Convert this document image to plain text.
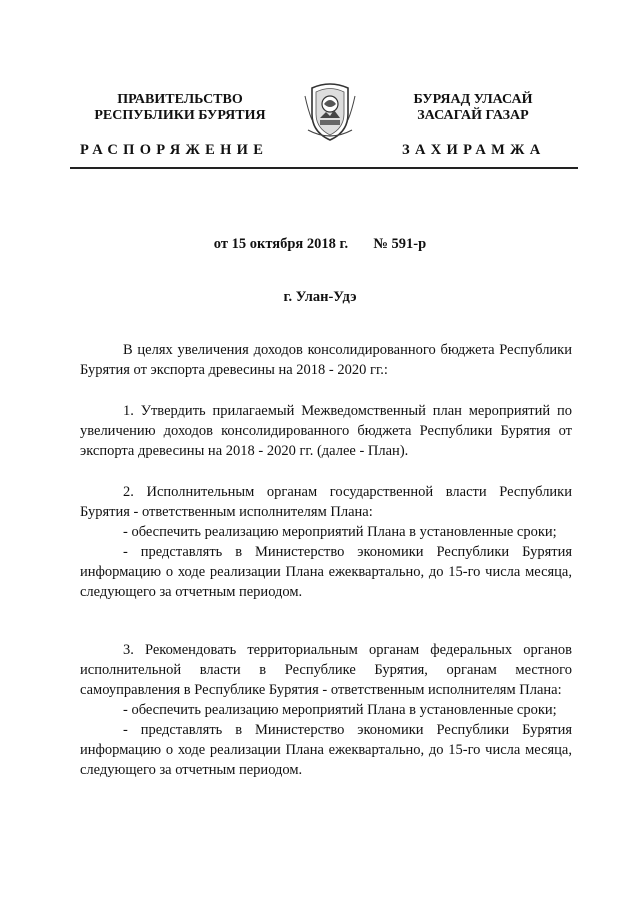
ПРАВИТЕЛЬСТВО
РЕСПУБЛИКИ БУРЯТИЯ
БУРЯАД УЛАСАЙ
ЗАСАГАЙ ГАЗАР
РАСПОРЯЖЕНИЕ	ЗАХИРАМЖА
от 15 октября 2018 г. № 591-р
г. Улан-Удэ

В целях увеличения доходов консолидированного бюджета Республики Бурятия от экспорта древесины на 2018 - 2020 гг.:

1. Утвердить прилагаемый Межведомственный план мероприятий по увеличению доходов консолидированного бюджета Республики Бурятия от экспорта древесины на 2018 - 2020 гг. (далее - План).

2. Исполнительным органам государственной власти Республики Бурятия - ответственным исполнителям Плана:

- обеспечить реализацию мероприятий Плана в установленные сроки;

- представлять в Министерство экономики Республики Бурятия информацию о ходе реализации Плана ежеквартально, до 15-го числа месяца, следующего за отчетным периодом.

3. Рекомендовать территориальным органам федеральных органов исполнительной власти в Республике Бурятия, органам местного самоуправления в Республике Бурятия - ответственным исполнителям Плана:

- обеспечить реализацию мероприятий Плана в установленные сроки;

- представлять в Министерство экономики Республики Бурятия информацию о ходе реализации Плана ежеквартально, до 15-го числа месяца, следующего за отчетным периодом.
